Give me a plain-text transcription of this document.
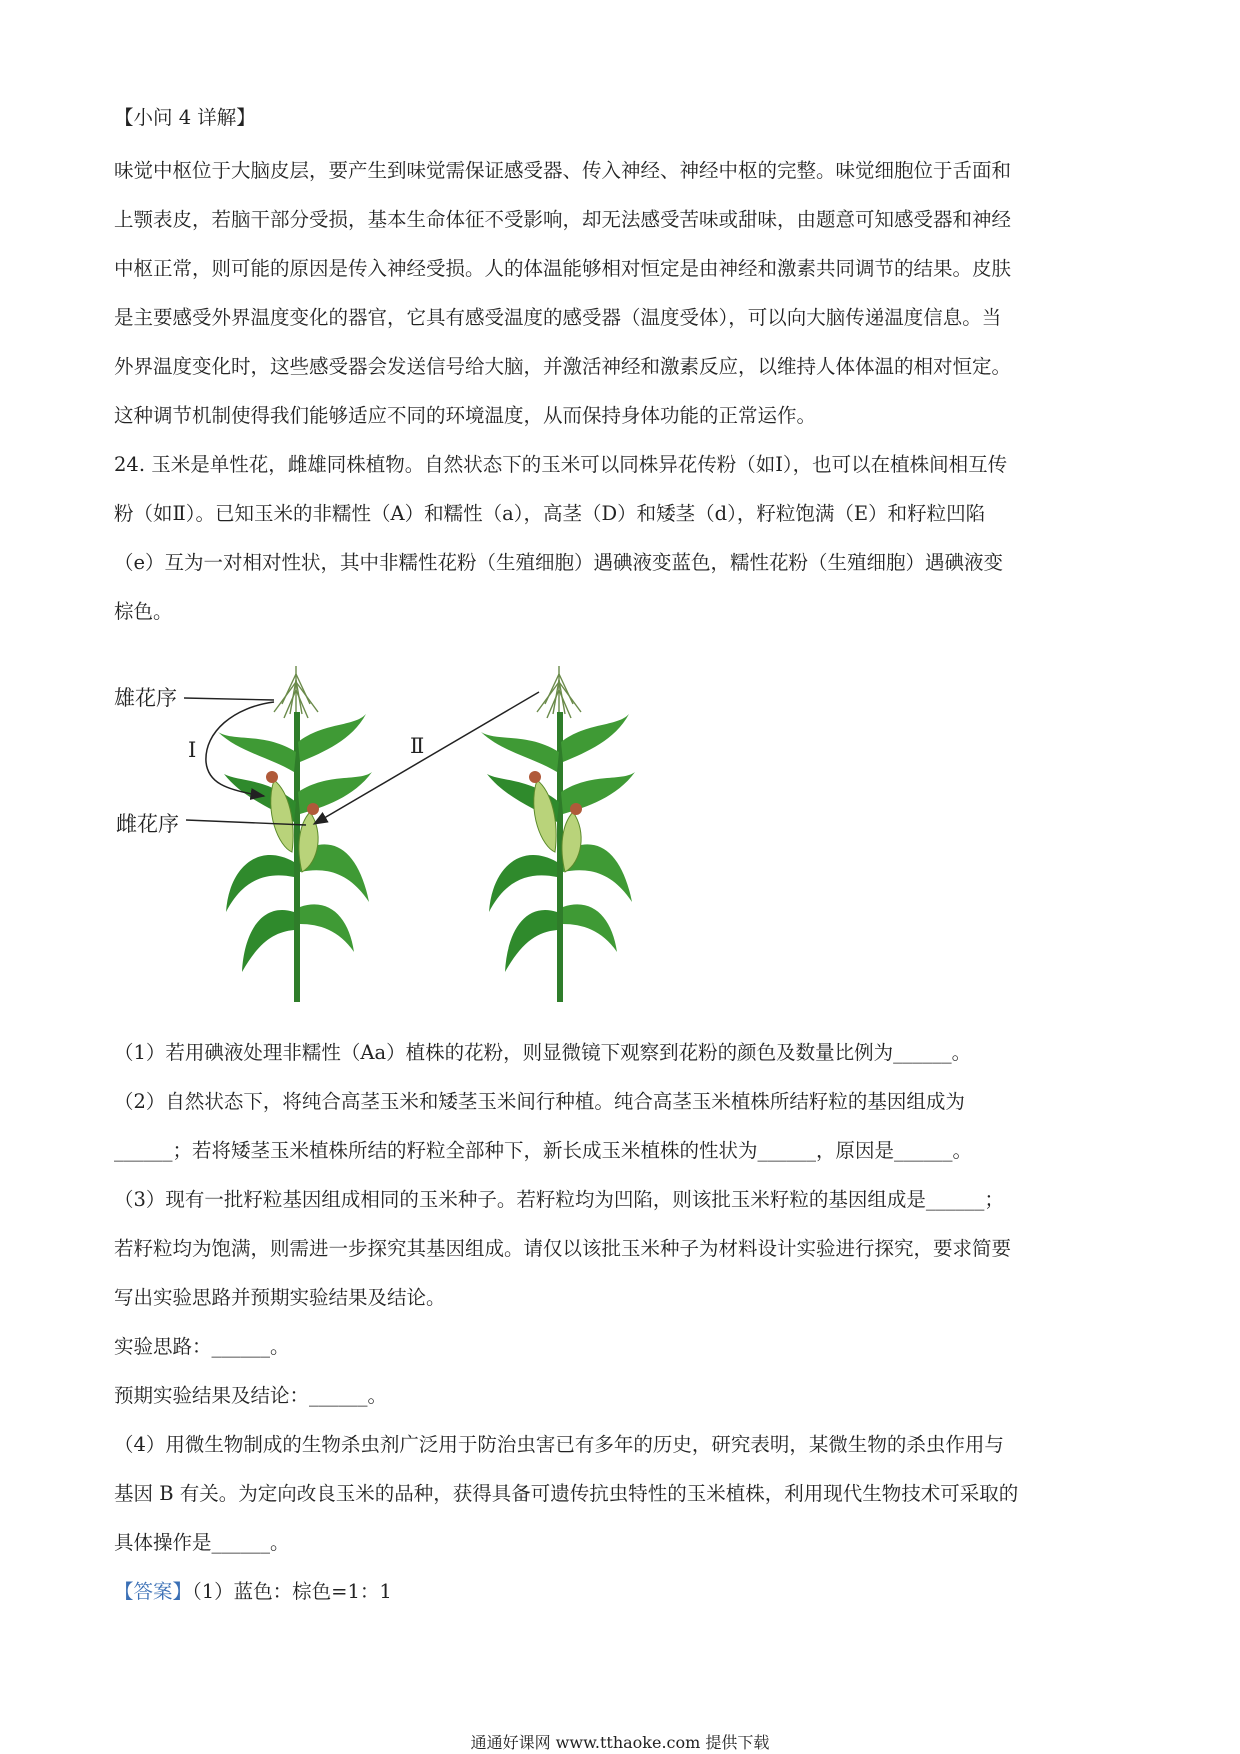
【小问 4 详解】
味觉中枢位于大脑皮层，要产生到味觉需保证感受器、传入神经、神经中枢的完整。味觉细胞位于舌面和
上颚表皮，若脑干部分受损，基本生命体征不受影响，却无法感受苦味或甜味，由题意可知感受器和神经
中枢正常，则可能的原因是传入神经受损。人的体温能够相对恒定是由神经和激素共同调节的结果。皮肤
是主要感受外界温度变化的器官，它具有感受温度的感受器（温度受体），可以向大脑传递温度信息。当
外界温度变化时，这些感受器会发送信号给大脑，并激活神经和激素反应，以维持人体体温的相对恒定。
这种调节机制使得我们能够适应不同的环境温度，从而保持身体功能的正常运作。
24. 玉米是单性花，雌雄同株植物。自然状态下的玉米可以同株异花传粉（如Ⅰ），也可以在植株间相互传
粉（如Ⅱ）。已知玉米的非糯性（A）和糯性（a），高茎（D）和矮茎（d），籽粒饱满（E）和籽粒凹陷
（e）互为一对相对性状，其中非糯性花粉（生殖细胞）遇碘液变蓝色，糯性花粉（生殖细胞）遇碘液变
棕色。
雄花序
雌花序
Ⅰ	Ⅱ
（1）若用碘液处理非糯性（Aa）植株的花粉，则显微镜下观察到花粉的颜色及数量比例为______。
（2）自然状态下，将纯合高茎玉米和矮茎玉米间行种植。纯合高茎玉米植株所结籽粒的基因组成为
______；若将矮茎玉米植株所结的籽粒全部种下，新长成玉米植株的性状为______，原因是______。
（3）现有一批籽粒基因组成相同的玉米种子。若籽粒均为凹陷，则该批玉米籽粒的基因组成是______；
若籽粒均为饱满，则需进一步探究其基因组成。请仅以该批玉米种子为材料设计实验进行探究，要求简要
写出实验思路并预期实验结果及结论。
实验思路：______。
预期实验结果及结论：______。
（4）用微生物制成的生物杀虫剂广泛用于防治虫害已有多年的历史，研究表明，某微生物的杀虫作用与
基因 B 有关。为定向改良玉米的品种，获得具备可遗传抗虫特性的玉米植株，利用现代生物技术可采取的
具体操作是______。
【答案】（1）蓝色：棕色=1：1
通通好课网 www.tthaoke.com 提供下载
